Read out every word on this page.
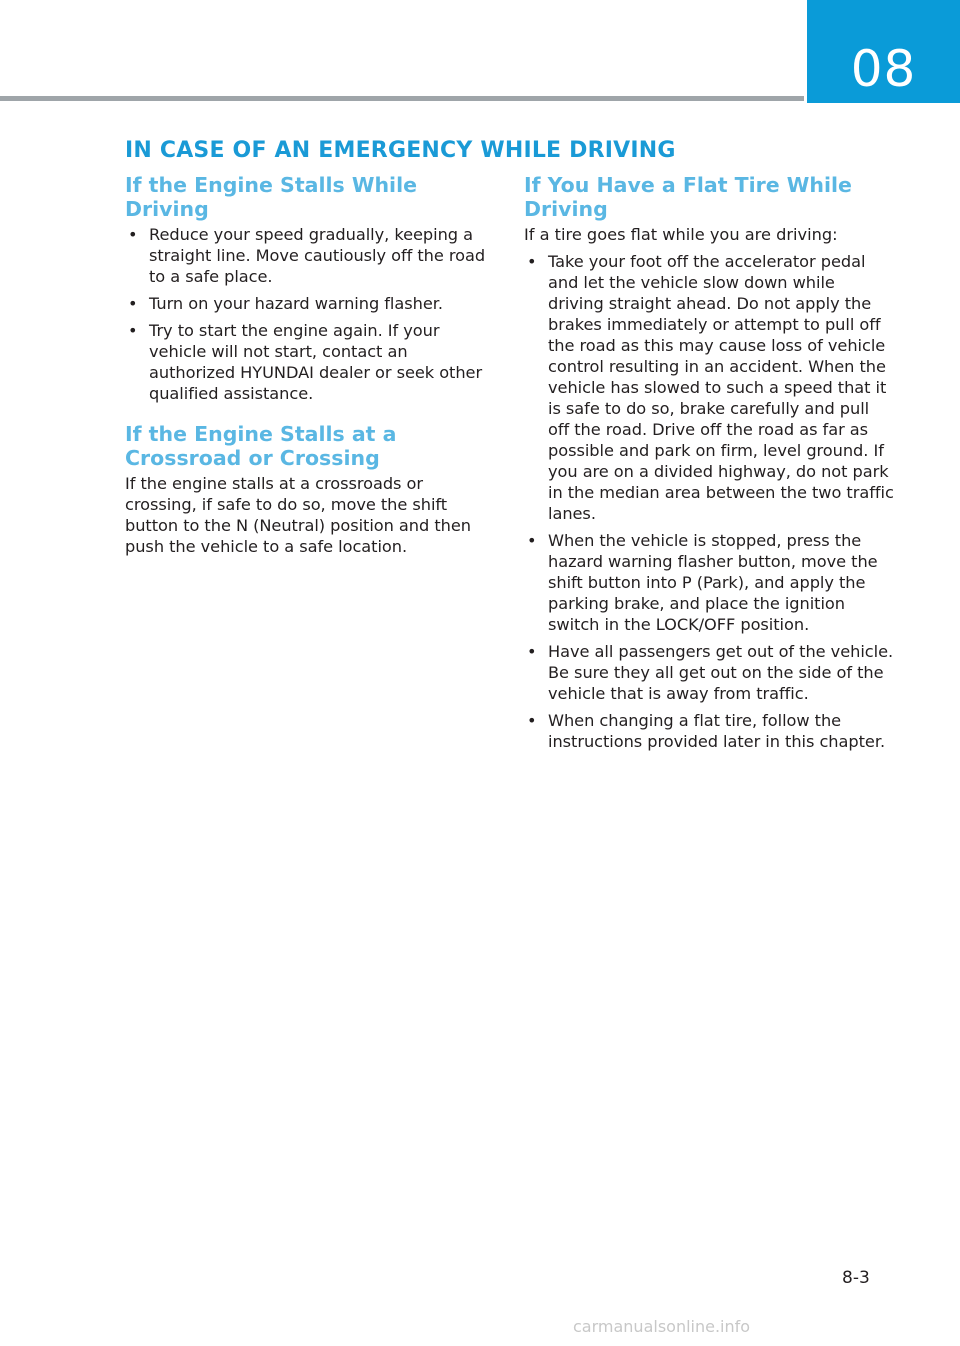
08
IN CASE OF AN EMERGENCY WHILE DRIVING
If the Engine Stalls While Driving
• Reduce your speed gradually, keeping a straight line. Move cautiously off the road to a safe place.
• Turn on your hazard warning flasher.
• Try to start the engine again. If your vehicle will not start, contact an authorized HYUNDAI dealer or seek other qualified assistance.
If the Engine Stalls at a Crossroad or Crossing

If the engine stalls at a crossroads or crossing, if safe to do so, move the shift button to the N (Neutral) position and then push the vehicle to a safe location.

If You Have a Flat Tire While Driving

If a tire goes flat while you are driving:

• Take your foot off the accelerator pedal and let the vehicle slow down while driving straight ahead. Do not apply the brakes immediately or attempt to pull off the road as this may cause loss of vehicle control resulting in an accident. When the vehicle has slowed to such a speed that it is safe to do so, brake carefully and pull off the road. Drive off the road as far as possible and park on firm, level ground. If you are on a divided highway, do not park in the median area between the two traffic lanes.
• When the vehicle is stopped, press the hazard warning flasher button, move the shift button into P (Park), and apply the parking brake, and place the ignition switch in the LOCK/OFF position.
• Have all passengers get out of the vehicle. Be sure they all get out on the side of the vehicle that is away from traffic.
• When changing a flat tire, follow the instructions provided later in this chapter.
8-3
carmanualsonline.info
